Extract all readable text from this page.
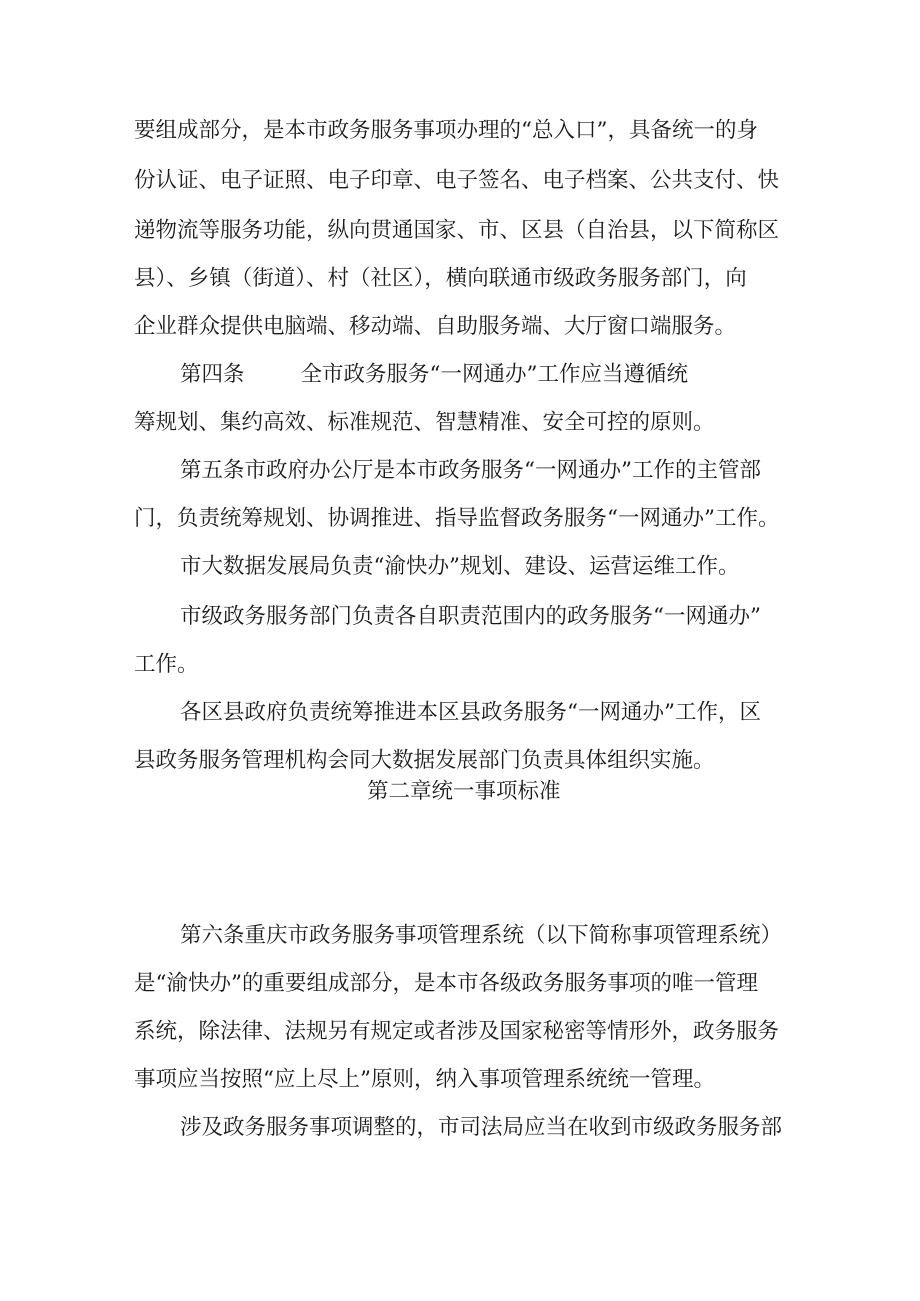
要组成部分，是本市政务服务事项办理的“总入口”，具备统一的身
份认证、电子证照、电子印章、电子签名、电子档案、公共支付、快
递物流等服务功能，纵向贯通国家、市、区县（自治县，以下简称区
县）、乡镇（街道）、村（社区），横向联通市级政务服务部门，向
企业群众提供电脑端、移动端、自助服务端、大厅窗口端服务。
第四条	全市政务服务“一网通办”工作应当遵循统
筹规划、集约高效、标准规范、智慧精准、安全可控的原则。
第五条市政府办公厅是本市政务服务“一网通办”工作的主管部
门，负责统筹规划、协调推进、指导监督政务服务“一网通办”工作。
市大数据发展局负责“渝快办”规划、建设、运营运维工作。
市级政务服务部门负责各自职责范围内的政务服务“一网通办”
工作。
各区县政府负责统筹推进本区县政务服务“一网通办”工作，区
县政务服务管理机构会同大数据发展部门负责具体组织实施。
第二章统一事项标准
第六条重庆市政务服务事项管理系统（以下简称事项管理系统）
是“渝快办”的重要组成部分，是本市各级政务服务事项的唯一管理
系统，除法律、法规另有规定或者涉及国家秘密等情形外，政务服务
事项应当按照“应上尽上”原则，纳入事项管理系统统一管理。
涉及政务服务事项调整的，市司法局应当在收到市级政务服务部
